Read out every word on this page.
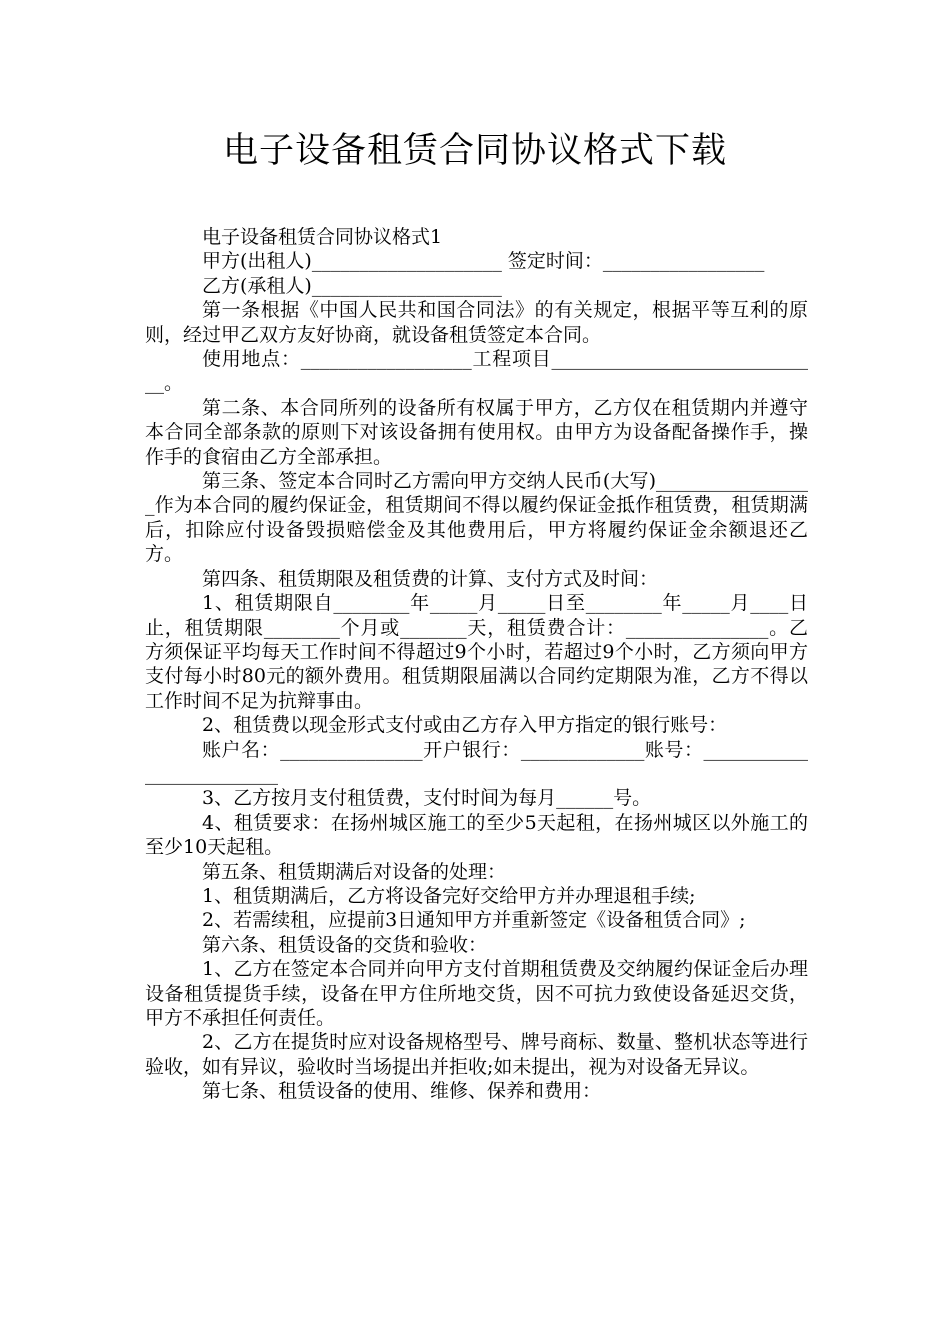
电子设备租赁合同协议格式下载

电子设备租赁合同协议格式1

甲方(出租人)____________________ 签定时间：_________________

乙方(承租人)____________________

第一条根据《中国人民共和国合同法》的有关规定，根据平等互利的原则，经过甲乙双方友好协商，就设备租赁签定本合同。

使用地点：__________________工程项目_____________________________。

第二条、本合同所列的设备所有权属于甲方，乙方仅在租赁期内并遵守本合同全部条款的原则下对该设备拥有使用权。由甲方为设备配备操作手，操作手的食宿由乙方全部承担。

第三条、签定本合同时乙方需向甲方交纳人民币(大写)_________________作为本合同的履约保证金，租赁期间不得以履约保证金抵作租赁费，租赁期满后，扣除应付设备毁损赔偿金及其他费用后，甲方将履约保证金余额退还乙方。

第四条、租赁期限及租赁费的计算、支付方式及时间：

1、租赁期限自________年_____月_____日至________年_____月____日止，租赁期限________个月或_______天，租赁费合计：_______________。乙方须保证平均每天工作时间不得超过9个小时，若超过9个小时，乙方须向甲方支付每小时80元的额外费用。租赁期限届满以合同约定期限为准，乙方不得以工作时间不足为抗辩事由。

2、租赁费以现金形式支付或由乙方存入甲方指定的银行账号：

账户名：_______________开户银行：_____________账号：_________________________

3、乙方按月支付租赁费，支付时间为每月______号。

4、租赁要求：在扬州城区施工的至少5天起租，在扬州城区以外施工的至少10天起租。

第五条、租赁期满后对设备的处理：

1、租赁期满后，乙方将设备完好交给甲方并办理退租手续;

2、若需续租，应提前3日通知甲方并重新签定《设备租赁合同》;

第六条、租赁设备的交货和验收：

1、乙方在签定本合同并向甲方支付首期租赁费及交纳履约保证金后办理设备租赁提货手续，设备在甲方住所地交货，因不可抗力致使设备延迟交货，甲方不承担任何责任。

2、乙方在提货时应对设备规格型号、牌号商标、数量、整机状态等进行验收，如有异议，验收时当场提出并拒收;如未提出，视为对设备无异议。

第七条、租赁设备的使用、维修、保养和费用：
